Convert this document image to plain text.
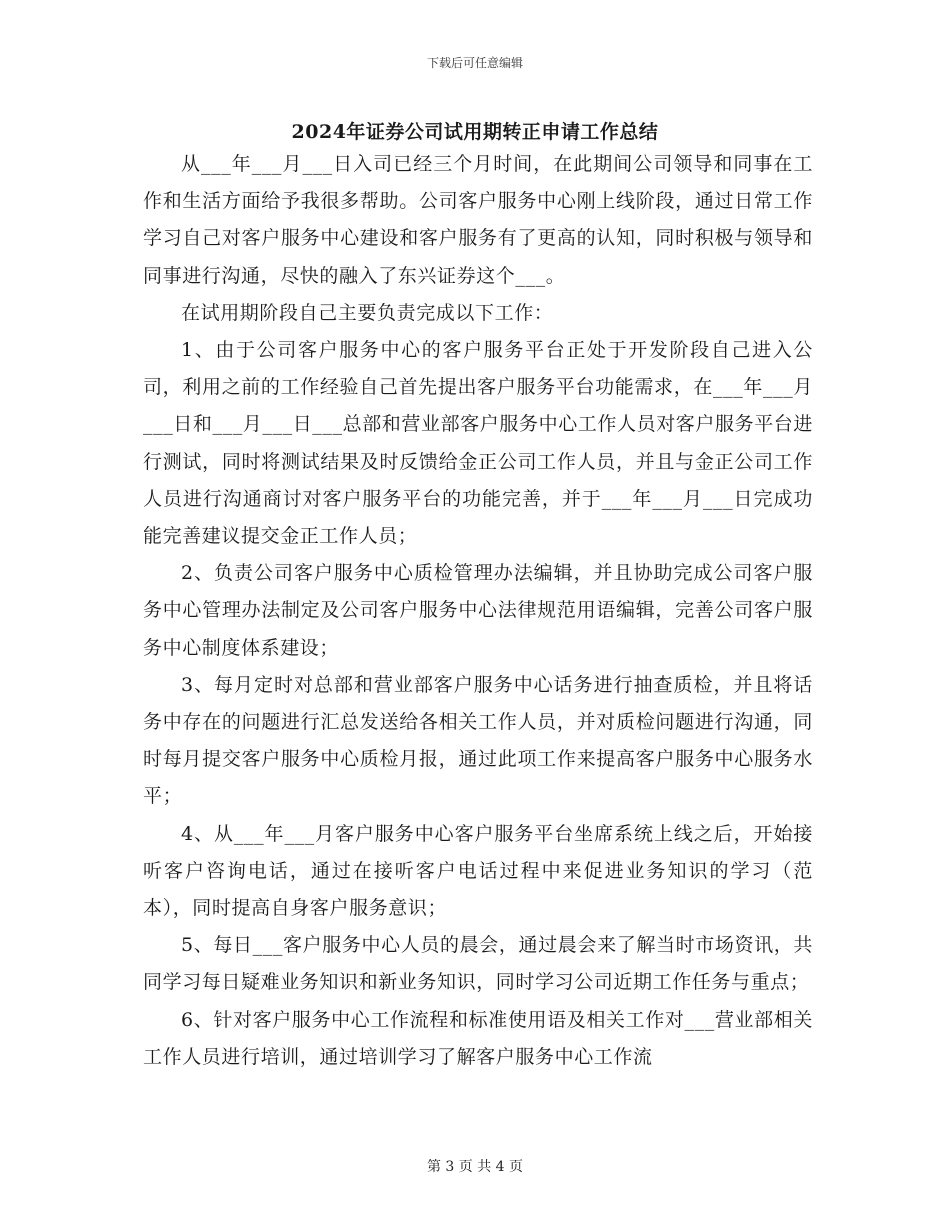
下载后可任意编辑
2024年证券公司试用期转正申请工作总结

从___年___月___日入司已经三个月时间，在此期间公司领导和同事在工作和生活方面给予我很多帮助。公司客户服务中心刚上线阶段，通过日常工作学习自己对客户服务中心建设和客户服务有了更高的认知，同时积极与领导和同事进行沟通，尽快的融入了东兴证券这个___。

在试用期阶段自己主要负责完成以下工作：

1、由于公司客户服务中心的客户服务平台正处于开发阶段自己进入公司，利用之前的工作经验自己首先提出客户服务平台功能需求，在___年___月___日和___月___日___总部和营业部客户服务中心工作人员对客户服务平台进行测试，同时将测试结果及时反馈给金正公司工作人员，并且与金正公司工作人员进行沟通商讨对客户服务平台的功能完善，并于___年___月___日完成功能完善建议提交金正工作人员；

2、负责公司客户服务中心质检管理办法编辑，并且协助完成公司客户服务中心管理办法制定及公司客户服务中心法律规范用语编辑，完善公司客户服务中心制度体系建设；

3、每月定时对总部和营业部客户服务中心话务进行抽查质检，并且将话务中存在的问题进行汇总发送给各相关工作人员，并对质检问题进行沟通，同时每月提交客户服务中心质检月报，通过此项工作来提高客户服务中心服务水平；

4、从___年___月客户服务中心客户服务平台坐席系统上线之后，开始接听客户咨询电话，通过在接听客户电话过程中来促进业务知识的学习（范本），同时提高自身客户服务意识；

5、每日___客户服务中心人员的晨会，通过晨会来了解当时市场资讯，共同学习每日疑难业务知识和新业务知识，同时学习公司近期工作任务与重点；

6、针对客户服务中心工作流程和标准使用语及相关工作对___营业部相关工作人员进行培训，通过培训学习了解客户服务中心工作流

第 3 页 共 4 页
